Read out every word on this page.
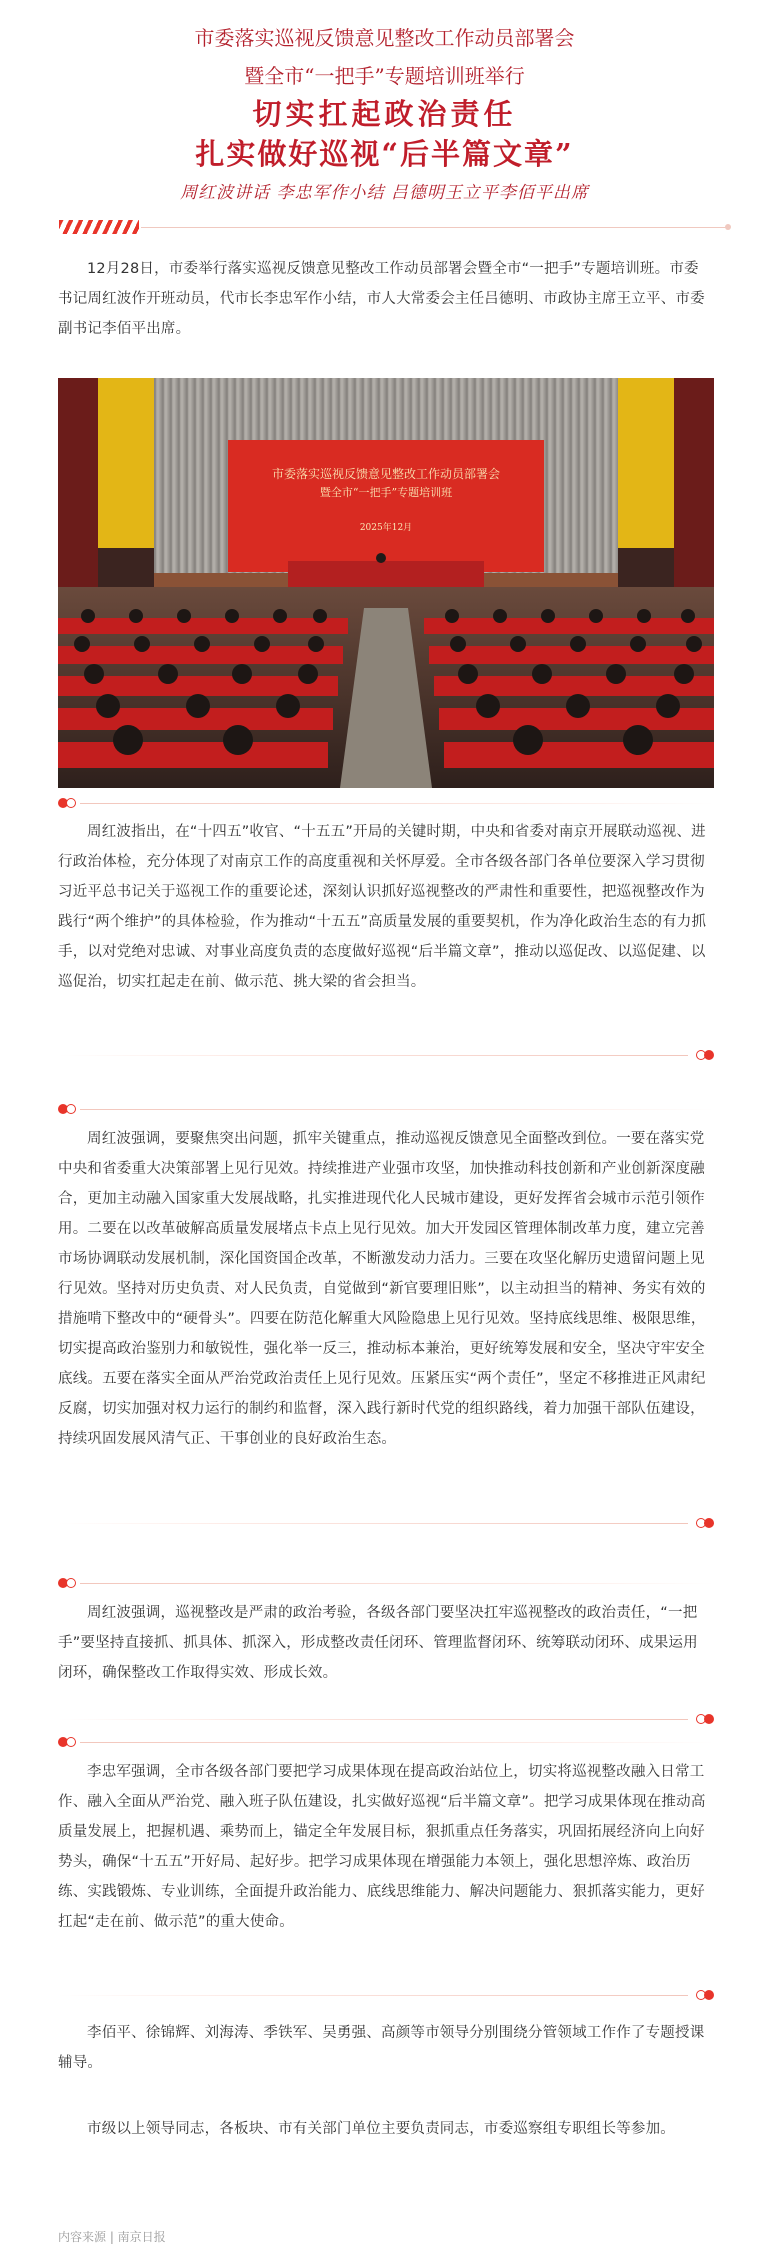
市委落实巡视反馈意见整改工作动员部署会
暨全市“一把手”专题培训班举行
切实扛起政治责任
扎实做好巡视“后半篇文章”
周红波讲话 李忠军作小结 吕德明王立平李佰平出席

12月28日，市委举行落实巡视反馈意见整改工作动员部署会暨全市“一把手”专题培训班。市委书记周红波作开班动员，代市长李忠军作小结，市人大常委会主任吕德明、市政协主席王立平、市委副书记李佰平出席。

市委落实巡视反馈意见整改工作动员部署会
暨全市“一把手”专题培训班
2025年12月

周红波指出，在“十四五”收官、“十五五”开局的关键时期，中央和省委对南京开展联动巡视、进行政治体检，充分体现了对南京工作的高度重视和关怀厚爱。全市各级各部门各单位要深入学习贯彻习近平总书记关于巡视工作的重要论述，深刻认识抓好巡视整改的严肃性和重要性，把巡视整改作为践行“两个维护”的具体检验，作为推动“十五五”高质量发展的重要契机，作为净化政治生态的有力抓手，以对党绝对忠诚、对事业高度负责的态度做好巡视“后半篇文章”，推动以巡促改、以巡促建、以巡促治，切实扛起走在前、做示范、挑大梁的省会担当。

周红波强调，要聚焦突出问题，抓牢关键重点，推动巡视反馈意见全面整改到位。一要在落实党中央和省委重大决策部署上见行见效。持续推进产业强市攻坚，加快推动科技创新和产业创新深度融合，更加主动融入国家重大发展战略，扎实推进现代化人民城市建设，更好发挥省会城市示范引领作用。二要在以改革破解高质量发展堵点卡点上见行见效。加大开发园区管理体制改革力度，建立完善市场协调联动发展机制，深化国资国企改革，不断激发动力活力。三要在攻坚化解历史遗留问题上见行见效。坚持对历史负责、对人民负责，自觉做到“新官要理旧账”，以主动担当的精神、务实有效的措施啃下整改中的“硬骨头”。四要在防范化解重大风险隐患上见行见效。坚持底线思维、极限思维，切实提高政治鉴别力和敏锐性，强化举一反三，推动标本兼治，更好统筹发展和安全，坚决守牢安全底线。五要在落实全面从严治党政治责任上见行见效。压紧压实“两个责任”，坚定不移推进正风肃纪反腐，切实加强对权力运行的制约和监督，深入践行新时代党的组织路线，着力加强干部队伍建设，持续巩固发展风清气正、干事创业的良好政治生态。

周红波强调，巡视整改是严肃的政治考验，各级各部门要坚决扛牢巡视整改的政治责任，“一把手”要坚持直接抓、抓具体、抓深入，形成整改责任闭环、管理监督闭环、统筹联动闭环、成果运用闭环，确保整改工作取得实效、形成长效。

李忠军强调，全市各级各部门要把学习成果体现在提高政治站位上，切实将巡视整改融入日常工作、融入全面从严治党、融入班子队伍建设，扎实做好巡视“后半篇文章”。把学习成果体现在推动高质量发展上，把握机遇、乘势而上，锚定全年发展目标，狠抓重点任务落实，巩固拓展经济向上向好势头，确保“十五五”开好局、起好步。把学习成果体现在增强能力本领上，强化思想淬炼、政治历练、实践锻炼、专业训练，全面提升政治能力、底线思维能力、解决问题能力、狠抓落实能力，更好扛起“走在前、做示范”的重大使命。

李佰平、徐锦辉、刘海涛、季铁军、吴勇强、高颜等市领导分别围绕分管领域工作作了专题授课辅导。

市级以上领导同志，各板块、市有关部门单位主要负责同志，市委巡察组专职组长等参加。

内容来源 | 南京日报
